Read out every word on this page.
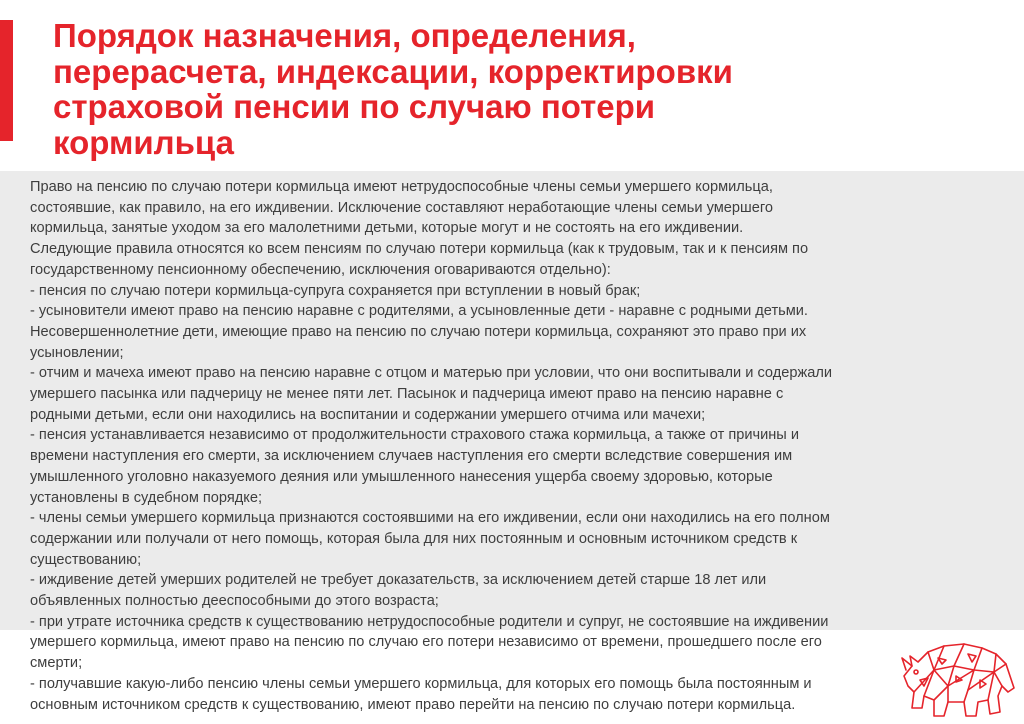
Порядок назначения, определения,
перерасчета, индексации, корректировки
страховой пенсии по случаю потери
кормильца
Право на пенсию по случаю потери кормильца имеют нетрудоспособные члены семьи умершего кормильца,
состоявшие, как правило, на его иждивении. Исключение составляют неработающие члены семьи умершего
кормильца, занятые уходом за его малолетними детьми, которые могут и не состоять на его иждивении.
Следующие правила относятся ко всем пенсиям по случаю потери кормильца (как к трудовым, так и к пенсиям по
государственному пенсионному обеспечению, исключения оговариваются отдельно):
- пенсия по случаю потери кормильца-супруга сохраняется при вступлении в новый брак;
- усыновители имеют право на пенсию наравне с родителями, а усыновленные дети - наравне с родными детьми.
Несовершеннолетние дети, имеющие право на пенсию по случаю потери кормильца, сохраняют это право при их
усыновлении;
- отчим и мачеха имеют право на пенсию наравне с отцом и матерью при условии, что они воспитывали и содержали
умершего пасынка или падчерицу не менее пяти лет. Пасынок и падчерица имеют право на пенсию наравне с
родными детьми, если они находились на воспитании и содержании умершего отчима или мачехи;
- пенсия устанавливается независимо от продолжительности страхового стажа кормильца, а также от причины и
времени наступления его смерти, за исключением случаев наступления его смерти вследствие совершения им
умышленного уголовно наказуемого деяния или умышленного нанесения ущерба своему здоровью, которые
установлены в судебном порядке;
- члены семьи умершего кормильца признаются состоявшими на его иждивении, если они находились на его полном
содержании или получали от него помощь, которая была для них постоянным и основным источником средств к
существованию;
- иждивение детей умерших родителей не требует доказательств, за исключением детей старше 18 лет или
объявленных полностью дееспособными до этого возраста;
- при утрате источника средств к существованию нетрудоспособные родители и супруг, не состоявшие на иждивении
умершего кормильца, имеют право на пенсию по случаю его потери независимо от времени, прошедшего после его
смерти;
- получавшие какую-либо пенсию члены семьи умершего кормильца, для которых его помощь была постоянным и
основным источником средств к существованию, имеют право перейти на пенсию по случаю потери кормильца.
